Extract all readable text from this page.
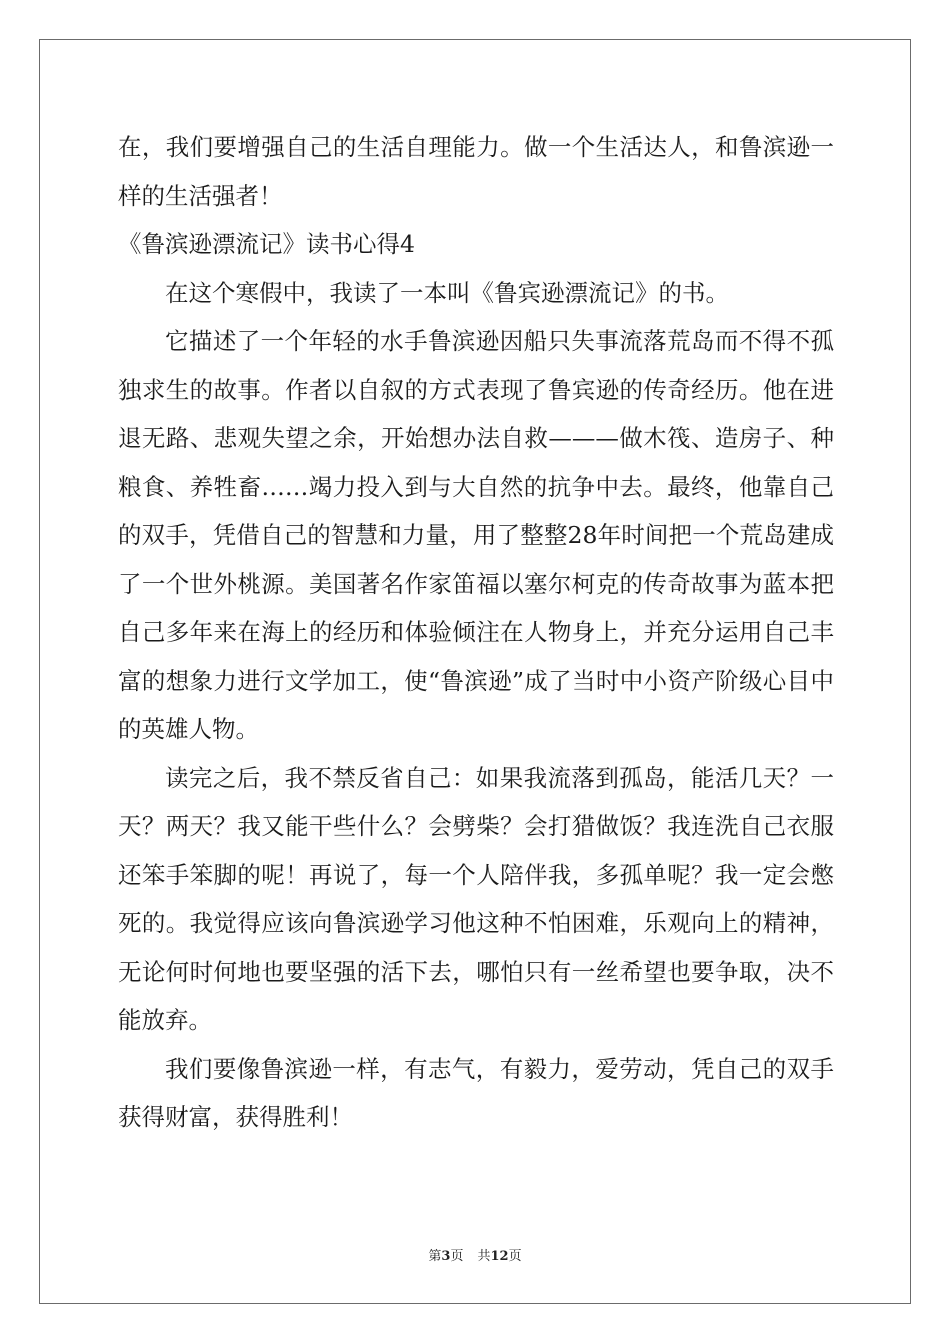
在，我们要增强自己的生活自理能力。做一个生活达人，和鲁滨逊一样的生活强者！

《鲁滨逊漂流记》读书心得4

在这个寒假中，我读了一本叫《鲁宾逊漂流记》的书。

它描述了一个年轻的水手鲁滨逊因船只失事流落荒岛而不得不孤独求生的故事。作者以自叙的方式表现了鲁宾逊的传奇经历。他在进退无路、悲观失望之余，开始想办法自救———做木筏、造房子、种粮食、养牲畜……竭力投入到与大自然的抗争中去。最终，他靠自己的双手，凭借自己的智慧和力量，用了整整28年时间把一个荒岛建成了一个世外桃源。美国著名作家笛福以塞尔柯克的传奇故事为蓝本把自己多年来在海上的经历和体验倾注在人物身上，并充分运用自己丰富的想象力进行文学加工，使“鲁滨逊”成了当时中小资产阶级心目中的英雄人物。

读完之后，我不禁反省自己：如果我流落到孤岛，能活几天？一天？两天？我又能干些什么？会劈柴？会打猎做饭？我连洗自己衣服还笨手笨脚的呢！再说了，每一个人陪伴我，多孤单呢？我一定会憋死的。我觉得应该向鲁滨逊学习他这种不怕困难，乐观向上的精神，无论何时何地也要坚强的活下去，哪怕只有一丝希望也要争取，决不能放弃。

我们要像鲁滨逊一样，有志气，有毅力，爱劳动，凭自己的双手获得财富，获得胜利！

第3页 共12页
